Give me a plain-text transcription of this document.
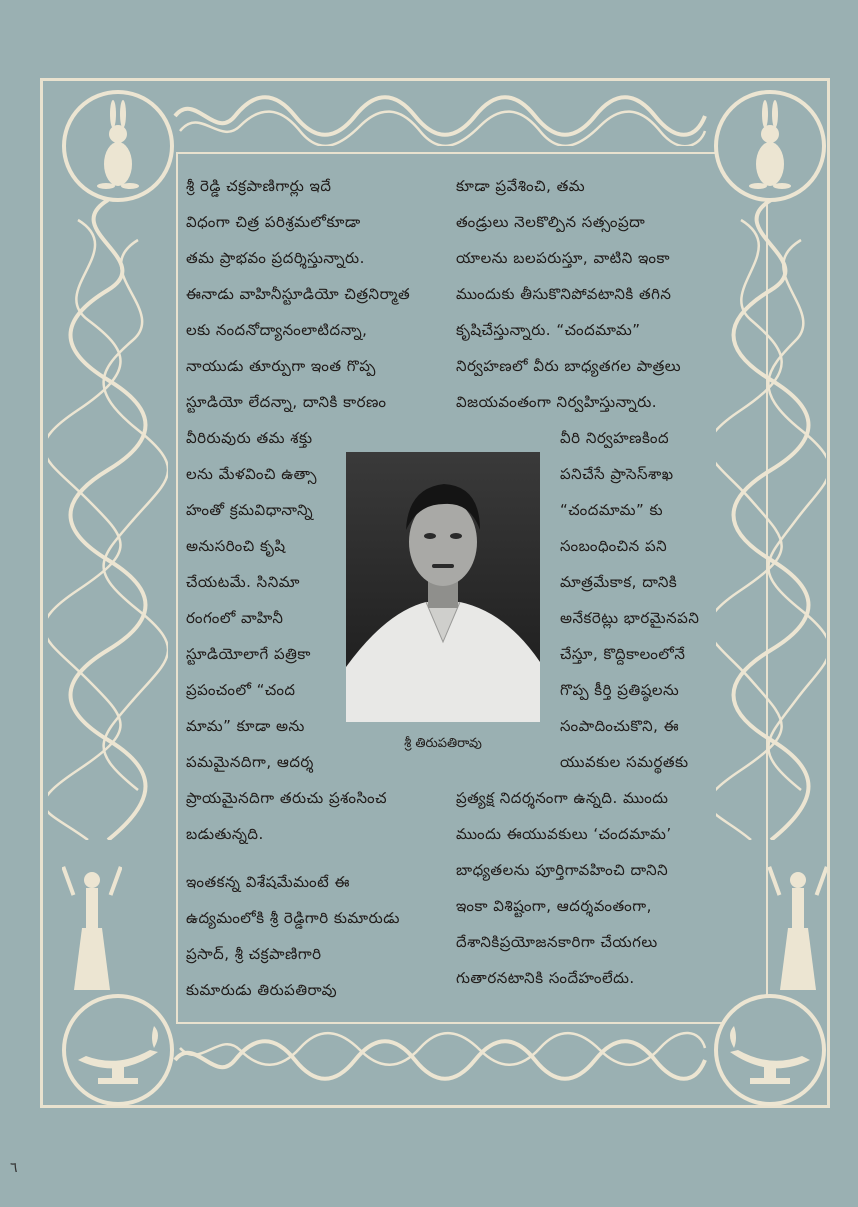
శ్రీ రెడ్డి చక్రపాణిగార్లు ఇదే

విధంగా చిత్ర పరిశ్రమలోకూడా

తమ ప్రాభవం ప్రదర్శిస్తున్నారు.

ఈనాడు వాహినీస్టూడియో చిత్రనిర్మాత

లకు నందనోద్యానంలాటిదన్నా,

నాయుడు తూర్పుగా ఇంత గొప్ప

స్టూడియో లేదన్నా, దానికి కారణం

వీరిరువురు తమ శక్తు

లను మేళవించి ఉత్సా

హంతో క్రమవిధానాన్ని

అనుసరించి కృషి

చేయటమే. సినిమా

రంగంలో వాహినీ

స్టూడియోలాగే పత్రికా

ప్రపంచంలో “చంద

మామ” కూడా అను

పమమైనదిగా, ఆదర్శ

ప్రాయమైనదిగా తరుచు ప్రశంసించ

బడుతున్నది.

ఇంతకన్న విశేషమేమంటే ఈ

ఉద్యమంలోకి శ్రీ రెడ్డిగారి కుమారుడు

ప్రసాద్, శ్రీ చక్రపాణిగారి

కుమారుడు తిరుపతిరావు

కూడా ప్రవేశించి, తమ

తండ్రులు నెలకొల్పిన సత్సంప్రదా

యాలను బలపరుస్తూ, వాటిని ఇంకా

ముందుకు తీసుకొనిపోవటానికి తగిన

కృషిచేస్తున్నారు. “చందమామ”

నిర్వహణలో వీరు బాధ్యతగల పాత్రలు

విజయవంతంగా నిర్వహిస్తున్నారు.

వీరి నిర్వహణకింద

పనిచేసే ప్రాసెస్‌శాఖ

“చందమామ” కు

సంబంధించిన పని

మాత్రమేకాక, దానికి

అనేకరెట్లు భారమైనపని

చేస్తూ, కొద్దికాలంలోనే

గొప్ప కీర్తి ప్రతిష్ఠలను

సంపాదించుకొని, ఈ

యువకుల సమర్థతకు

ప్రత్యక్ష నిదర్శనంగా ఉన్నది. ముందు

ముందు ఈయువకులు ‘చందమామ’

బాధ్యతలను పూర్తిగావహించి దానిని

ఇంకా విశిష్టంగా, ఆదర్శవంతంగా,

దేశానికిప్రయోజనకారిగా చేయగలు

గుతారనటానికి సందేహంలేదు.

శ్రీ తిరుపతిరావు
٦
